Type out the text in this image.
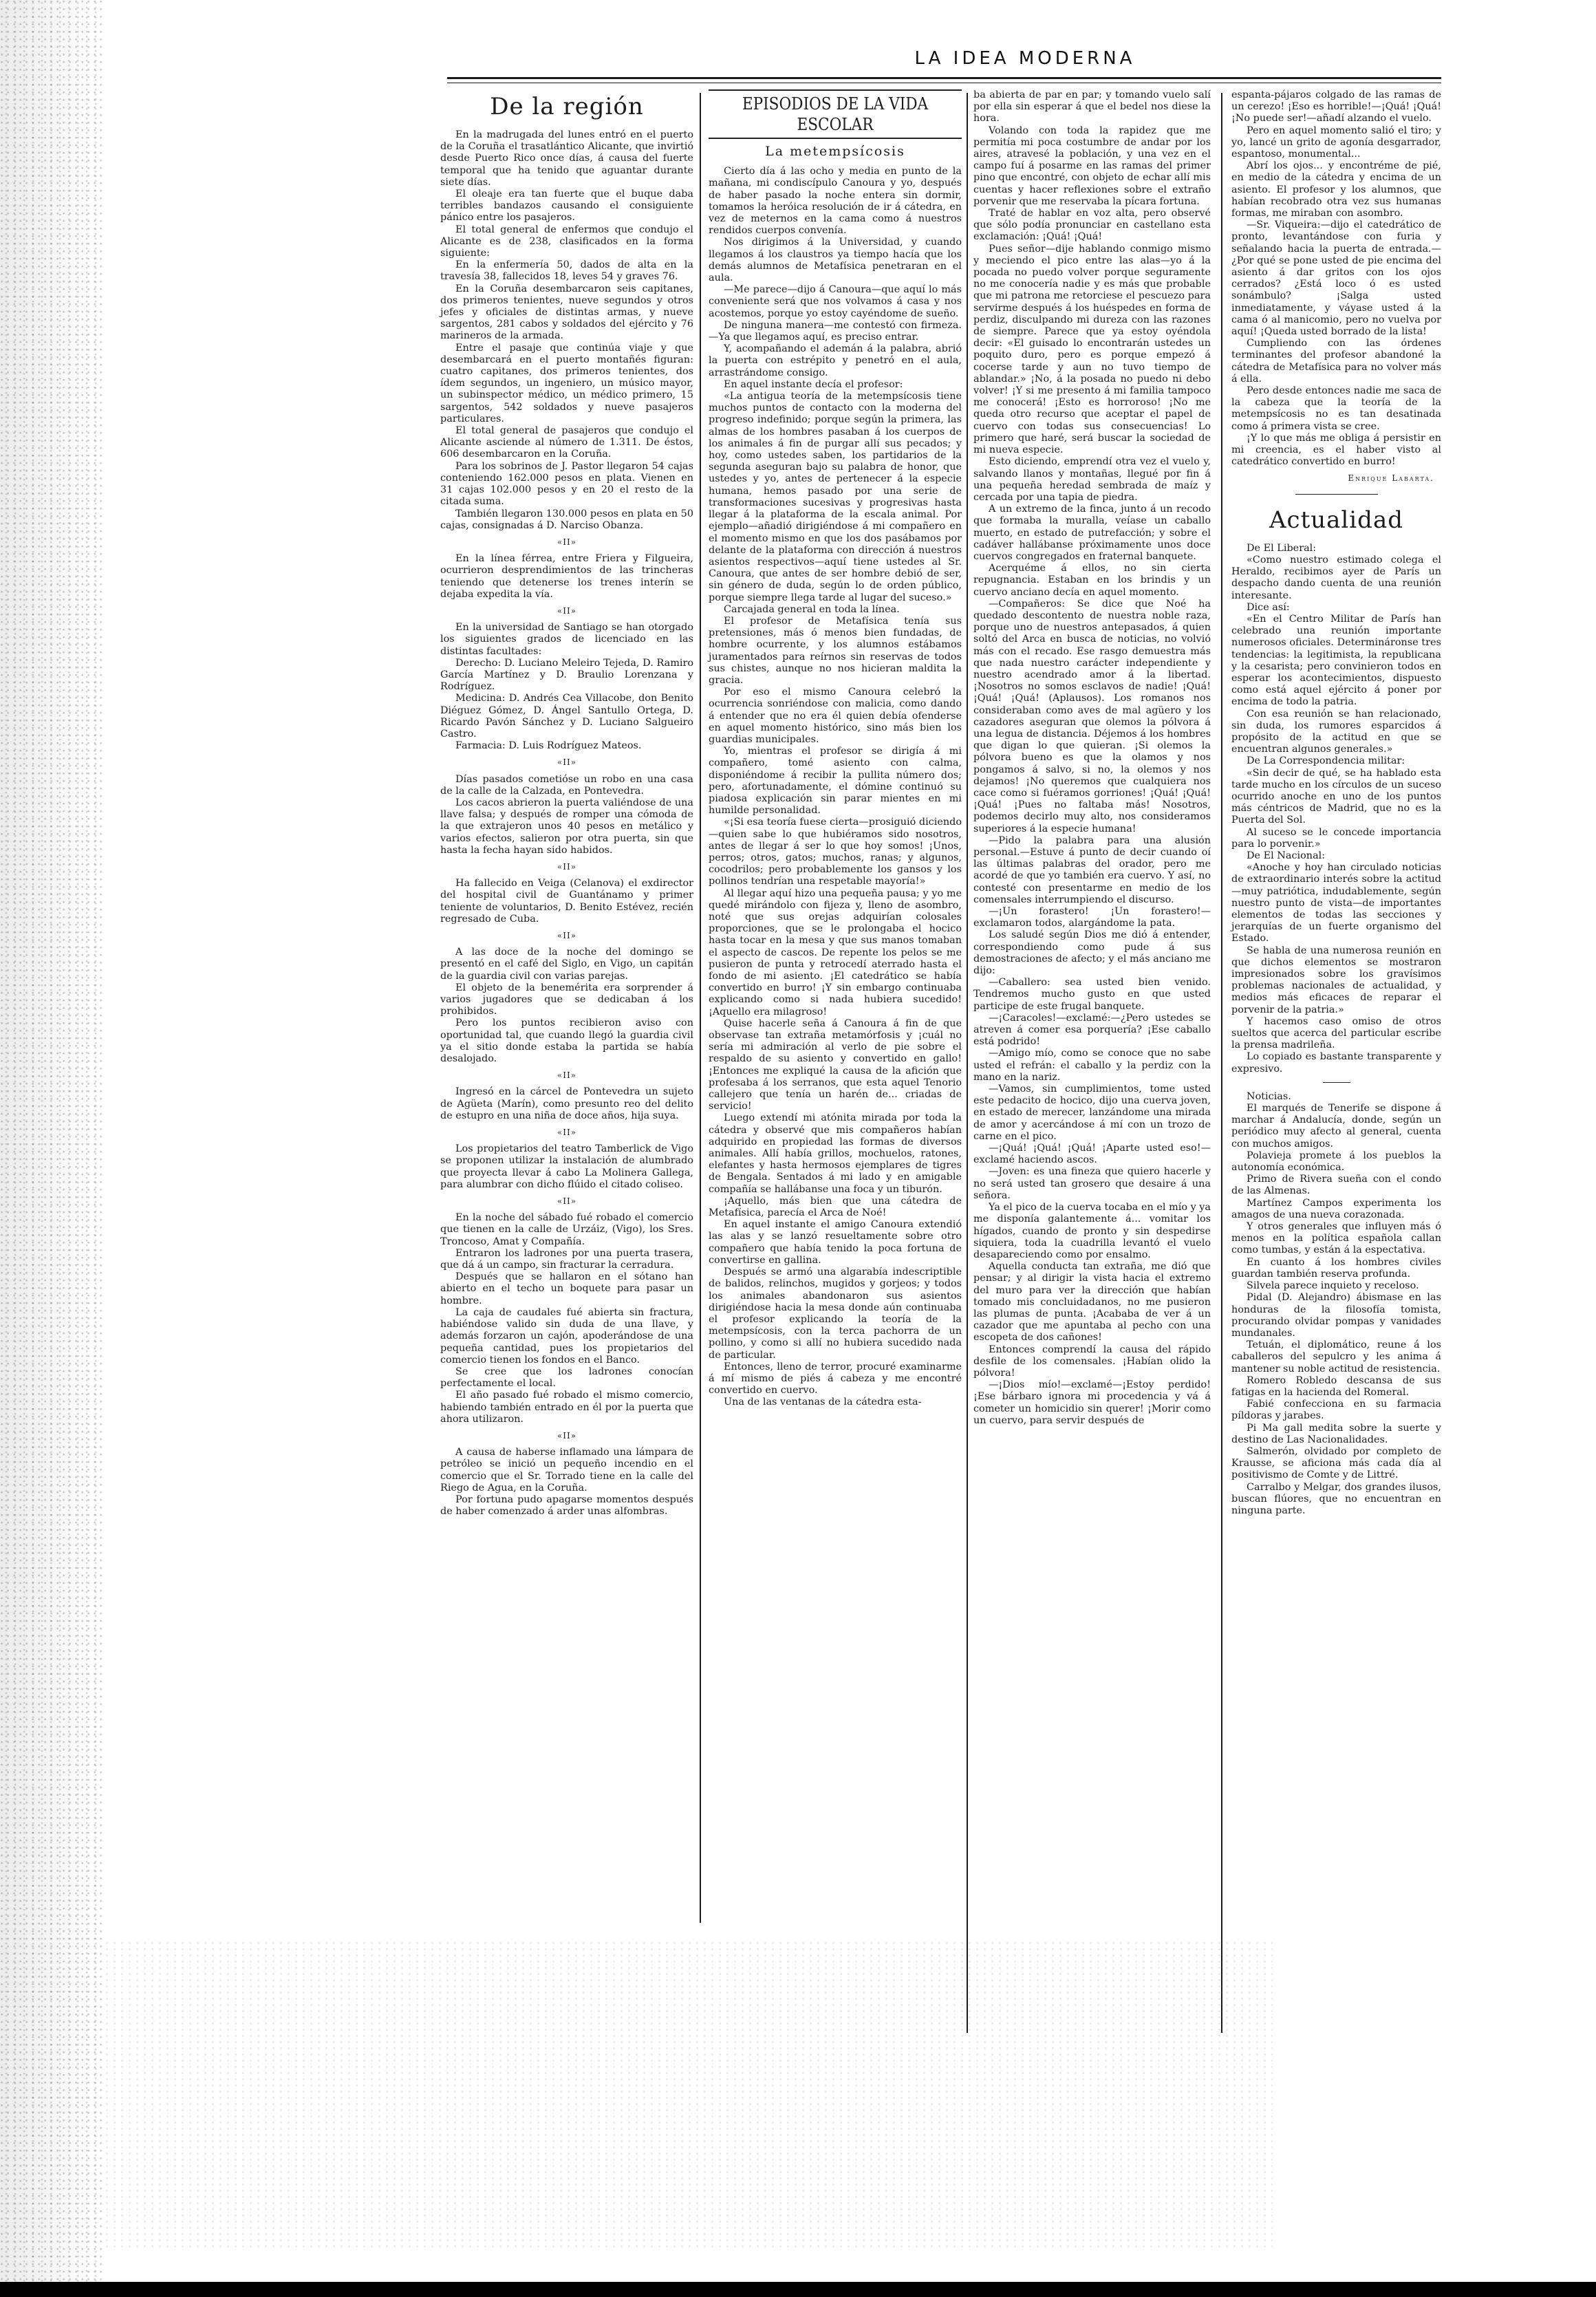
LA IDEA MODERNA
De la región

En la madrugada del lunes entró en el puerto de la Coruña el trasatlántico Alicante, que invirtió desde Puerto Rico once días, á causa del fuerte temporal que ha tenido que aguantar durante siete días.

El oleaje era tan fuerte que el buque daba terribles bandazos causando el consiguiente pánico entre los pasajeros.

El total general de enfermos que condujo el Alicante es de 238, clasificados en la forma siguiente:

En la enfermería 50, dados de alta en la travesía 38, fallecidos 18, leves 54 y graves 76.

En la Coruña desembarcaron seis capitanes, dos primeros tenientes, nueve segundos y otros jefes y oficiales de distintas armas, y nueve sargentos, 281 cabos y soldados del ejército y 76 marineros de la armada.

Entre el pasaje que continúa viaje y que desembarcará en el puerto montañés figuran: cuatro capitanes, dos primeros tenientes, dos ídem segundos, un ingeniero, un músico mayor, un subinspector médico, un médico primero, 15 sargentos, 542 soldados y nueve pasajeros particulares.

El total general de pasajeros que condujo el Alicante asciende al número de 1.311. De éstos, 606 desembarcaron en la Coruña.

Para los sobrinos de J. Pastor llegaron 54 cajas conteniendo 162.000 pesos en plata. Vienen en 31 cajas 102.000 pesos y en 20 el resto de la citada suma.

También llegaron 130.000 pesos en plata en 50 cajas, consignadas á D. Narciso Obanza.

«II»

En la línea férrea, entre Friera y Filgueira, ocurrieron desprendimientos de las trincheras teniendo que detenerse los trenes interín se dejaba expedita la vía.

«II»

En la universidad de Santiago se han otorgado los siguientes grados de licenciado en las distintas facultades:

Derecho: D. Luciano Meleiro Tejeda, D. Ramiro García Martínez y D. Braulio Lorenzana y Rodríguez.

Medicina: D. Andrés Cea Villacobe, don Benito Diéguez Gómez, D. Ángel Santullo Ortega, D. Ricardo Pavón Sánchez y D. Luciano Salgueiro Castro.

Farmacia: D. Luis Rodríguez Mateos.

«II»

Días pasados cometióse un robo en una casa de la calle de la Calzada, en Pontevedra.

Los cacos abrieron la puerta valiéndose de una llave falsa; y después de romper una cómoda de la que extrajeron unos 40 pesos en metálico y varios efectos, salieron por otra puerta, sin que hasta la fecha hayan sido habidos.

«II»

Ha fallecido en Veiga (Celanova) el exdirector del hospital civil de Guantánamo y primer teniente de voluntarios, D. Benito Estévez, recién regresado de Cuba.

«II»

A las doce de la noche del domingo se presentó en el café del Siglo, en Vigo, un capitán de la guardia civil con varias parejas.

El objeto de la benemérita era sorprender á varios jugadores que se dedicaban á los prohibidos.

Pero los puntos recibieron aviso con oportunidad tal, que cuando llegó la guardia civil ya el sitio donde estaba la partida se había desalojado.

«II»

Ingresó en la cárcel de Pontevedra un sujeto de Agüeta (Marín), como presunto reo del delito de estupro en una niña de doce años, hija suya.

«II»

Los propietarios del teatro Tamberlick de Vigo se proponen utilizar la instalación de alumbrado que proyecta llevar á cabo La Molinera Gallega, para alumbrar con dicho flúido el citado coliseo.

«II»

En la noche del sábado fué robado el comercio que tienen en la calle de Urzáiz, (Vigo), los Sres. Troncoso, Amat y Compañía.

Entraron los ladrones por una puerta trasera, que dá á un campo, sin fracturar la cerradura.

Después que se hallaron en el sótano han abierto en el techo un boquete para pasar un hombre.

La caja de caudales fué abierta sin fractura, habiéndose valido sin duda de una llave, y además forzaron un cajón, apoderándose de una pequeña cantidad, pues los propietarios del comercio tienen los fondos en el Banco.

Se cree que los ladrones conocían perfectamente el local.

El año pasado fué robado el mismo comercio, habiendo también entrado en él por la puerta que ahora utilizaron.

«II»

A causa de haberse inflamado una lámpara de petróleo se inició un pequeño incendio en el comercio que el Sr. Torrado tiene en la calle del Riego de Agua, en la Coruña.

Por fortuna pudo apagarse momentos después de haber comenzado á arder unas alfombras.

EPISODIOS DE LA VIDA ESCOLAR
La metempsícosis

Cierto día á las ocho y media en punto de la mañana, mi condiscípulo Canoura y yo, después de haber pasado la noche entera sin dormir, tomamos la heróica resolución de ir á cátedra, en vez de meternos en la cama como á nuestros rendidos cuerpos convenía.

Nos dirigimos á la Universidad, y cuando llegamos á los claustros ya tiempo hacía que los demás alumnos de Metafísica penetraran en el aula.

—Me parece—dijo á Canoura—que aquí lo más conveniente será que nos volvamos á casa y nos acostemos, porque yo estoy cayéndome de sueño.

De ninguna manera—me contestó con firmeza.—Ya que llegamos aquí, es preciso entrar.

Y, acompañando el ademán á la palabra, abrió la puerta con estrépito y penetró en el aula, arrastrándome consigo.

En aquel instante decía el profesor:

«La antigua teoría de la metempsícosis tiene muchos puntos de contacto con la moderna del progreso indefinido; porque según la primera, las almas de los hombres pasaban á los cuerpos de los animales á fin de purgar allí sus pecados; y hoy, como ustedes saben, los partidarios de la segunda aseguran bajo su palabra de honor, que ustedes y yo, antes de pertenecer á la especie humana, hemos pasado por una serie de transformaciones sucesivas y progresivas hasta llegar á la plataforma de la escala animal. Por ejemplo—añadió dirigiéndose á mi compañero en el momento mismo en que los dos pasábamos por delante de la plataforma con dirección á nuestros asientos respectivos—aquí tiene ustedes al Sr. Canoura, que antes de ser hombre debió de ser, sin género de duda, según lo de orden público, porque siempre llega tarde al lugar del suceso.»

Carcajada general en toda la línea.

El profesor de Metafísica tenía sus pretensiones, más ó menos bien fundadas, de hombre ocurrente, y los alumnos estábamos juramentados para reírnos sin reservas de todos sus chistes, aunque no nos hicieran maldita la gracia.

Por eso el mismo Canoura celebró la ocurrencia sonriéndose con malicia, como dando á entender que no era él quien debía ofenderse en aquel momento histórico, sino más bien los guardias municipales.

Yo, mientras el profesor se dirigía á mi compañero, tomé asiento con calma, disponiéndome á recibir la pullita número dos; pero, afortunadamente, el dómine continuó su piadosa explicación sin parar mientes en mi humilde personalidad.

«¡Si esa teoría fuese cierta—prosiguió diciendo—quien sabe lo que hubiéramos sido nosotros, antes de llegar á ser lo que hoy somos! ¡Unos, perros; otros, gatos; muchos, ranas; y algunos, cocodrilos; pero probablemente los gansos y los pollinos tendrían una respetable mayoría!»

Al llegar aquí hizo una pequeña pausa; y yo me quedé mirándolo con fijeza y, lleno de asombro, noté que sus orejas adquirían colosales proporciones, que se le prolongaba el hocico hasta tocar en la mesa y que sus manos tomaban el aspecto de cascos. De repente los pelos se me pusieron de punta y retrocedí aterrado hasta el fondo de mi asiento. ¡El catedrático se había convertido en burro! ¡Y sin embargo continuaba explicando como si nada hubiera sucedido! ¡Aquello era milagroso!

Quise hacerle seña á Canoura á fin de que observase tan extraña metamórfosis y ¡cuál no sería mi admiración al verlo de pie sobre el respaldo de su asiento y convertido en gallo! ¡Entonces me expliqué la causa de la afición que profesaba á los serranos, que esta aquel Tenorio callejero que tenía un harén de... criadas de servicio!

Luego extendí mi atónita mirada por toda la cátedra y observé que mis compañeros habían adquirido en propiedad las formas de diversos animales. Allí había grillos, mochuelos, ratones, elefantes y hasta hermosos ejemplares de tigres de Bengala. Sentados á mi lado y en amigable compañía se hallábanse una foca y un tiburón.

¡Aquello, más bien que una cátedra de Metafísica, parecía el Arca de Noé!

En aquel instante el amigo Canoura extendió las alas y se lanzó resueltamente sobre otro compañero que había tenido la poca fortuna de convertirse en gallina.

Después se armó una algarabía indescriptible de balidos, relinchos, mugidos y gorjeos; y todos los animales abandonaron sus asientos dirigiéndose hacia la mesa donde aún continuaba el profesor explicando la teoría de la metempsícosis, con la terca pachorra de un pollino, y como si allí no hubiera sucedido nada de particular.

Entonces, lleno de terror, procuré examinarme á mí mismo de piés á cabeza y me encontré convertido en cuervo.

Una de las ventanas de la cátedra esta-

ba abierta de par en par; y tomando vuelo salí por ella sin esperar á que el bedel nos diese la hora.

Volando con toda la rapidez que me permitía mi poca costumbre de andar por los aires, atravesé la población, y una vez en el campo fuí á posarme en las ramas del primer pino que encontré, con objeto de echar allí mis cuentas y hacer reflexiones sobre el extraño porvenir que me reservaba la pícara fortuna.

Traté de hablar en voz alta, pero observé que sólo podía pronunciar en castellano esta exclamación: ¡Quá! ¡Quá!

Pues señor—dije hablando conmigo mismo y meciendo el pico entre las alas—yo á la pocada no puedo volver porque seguramente no me conocería nadie y es más que probable que mi patrona me retorciese el pescuezo para servirme después á los huéspedes en forma de perdiz, disculpando mi dureza con las razones de siempre. Parece que ya estoy oyéndola decir: «El guisado lo encontrarán ustedes un poquito duro, pero es porque empezó á cocerse tarde y aun no tuvo tiempo de ablandar.» ¡No, á la posada no puedo ni debo volver! ¡Y si me presento á mi familia tampoco me conocerá! ¡Esto es horroroso! ¡No me queda otro recurso que aceptar el papel de cuervo con todas sus consecuencias! Lo primero que haré, será buscar la sociedad de mi nueva especie.

Esto diciendo, emprendí otra vez el vuelo y, salvando llanos y montañas, llegué por fin á una pequeña heredad sembrada de maíz y cercada por una tapia de piedra.

A un extremo de la finca, junto á un recodo que formaba la muralla, veíase un caballo muerto, en estado de putrefacción; y sobre el cadáver hallábanse próximamente unos doce cuervos congregados en fraternal banquete.

Acerquéme á ellos, no sin cierta repugnancia. Estaban en los brindis y un cuervo anciano decía en aquel momento.

—Compañeros: Se dice que Noé ha quedado descontento de nuestra noble raza, porque uno de nuestros antepasados, á quien soltó del Arca en busca de noticias, no volvió más con el recado. Ese rasgo demuestra más que nada nuestro carácter independiente y nuestro acendrado amor á la libertad. ¡Nosotros no somos esclavos de nadie! ¡Quá! ¡Quá! ¡Quá! (Aplausos). Los romanos nos consideraban como aves de mal agüero y los cazadores aseguran que olemos la pólvora á una legua de distancia. Déjemos á los hombres que digan lo que quieran. ¡Si olemos la pólvora bueno es que la olamos y nos pongamos á salvo, si no, la olemos y nos dejamos! ¡No queremos que cualquiera nos cace como si fuéramos gorriones! ¡Quá! ¡Quá! ¡Quá! ¡Pues no faltaba más! Nosotros, podemos decirlo muy alto, nos consideramos superiores á la especie humana!

—Pido la palabra para una alusión personal.—Estuve á punto de decir cuando oí las últimas palabras del orador, pero me acordé de que yo también era cuervo. Y así, no contesté con presentarme en medio de los comensales interrumpiendo el discurso.

—¡Un forastero! ¡Un forastero!—exclamaron todos, alargándome la pata.

Los saludé según Dios me dió á entender, correspondiendo como pude á sus demostraciones de afecto; y el más anciano me dijo:

—Caballero: sea usted bien venido. Tendremos mucho gusto en que usted participe de este frugal banquete.

—¡Caracoles!—exclamé:—¿Pero ustedes se atreven á comer esa porquería? ¡Ese caballo está podrido!

—Amigo mío, como se conoce que no sabe usted el refrán: el caballo y la perdiz con la mano en la nariz.

—Vamos, sin cumplimientos, tome usted este pedacito de hocico, dijo una cuerva joven, en estado de merecer, lanzándome una mirada de amor y acercándose á mí con un trozo de carne en el pico.

—¡Quá! ¡Quá! ¡Quá! ¡Aparte usted eso!—exclamé haciendo ascos.

—Joven: es una fineza que quiero hacerle y no será usted tan grosero que desaire á una señora.

Ya el pico de la cuerva tocaba en el mío y ya me disponía galantemente á... vomitar los hígados, cuando de pronto y sin despedirse siquiera, toda la cuadrilla levantó el vuelo desapareciendo como por ensalmo.

Aquella conducta tan extraña, me dió que pensar; y al dirigir la vista hacia el extremo del muro para ver la dirección que habían tomado mis concluidadanos, no me pusieron las plumas de punta. ¡Acababa de ver á un cazador que me apuntaba al pecho con una escopeta de dos cañones!

Entonces comprendí la causa del rápido desfile de los comensales. ¡Habían olido la pólvora!

—¡Dios mío!—exclamé—¡Estoy perdido! ¡Ese bárbaro ignora mi procedencia y vá á cometer un homicidio sin querer! ¡Morir como un cuervo, para servir después de

espanta-pájaros colgado de las ramas de un cerezo! ¡Eso es horrible!—¡Quá! ¡Quá! ¡No puede ser!—añadí alzando el vuelo.

Pero en aquel momento salió el tiro; y yo, lancé un grito de agonía desgarrador, espantoso, monumental...

Abrí los ojos... y encontréme de pié, en medio de la cátedra y encima de un asiento. El profesor y los alumnos, que habían recobrado otra vez sus humanas formas, me miraban con asombro.

—Sr. Viqueira:—dijo el catedrático de pronto, levantándose con furia y señalando hacia la puerta de entrada.—¿Por qué se pone usted de pie encima del asiento á dar gritos con los ojos cerrados? ¿Está loco ó es usted sonámbulo? ¡Salga usted inmediatamente, y váyase usted á la cama ó al manicomio, pero no vuelva por aquí! ¡Queda usted borrado de la lista!

Cumpliendo con las órdenes terminantes del profesor abandoné la cátedra de Metafísica para no volver más á ella.

Pero desde entonces nadie me saca de la cabeza que la teoría de la metempsícosis no es tan desatinada como á primera vista se cree.

¡Y lo que más me obliga á persistir en mi creencia, es el haber visto al catedrático convertido en burro!

Enrique Labarta.
Actualidad

De El Liberal:

«Como nuestro estimado colega el Heraldo, recibimos ayer de París un despacho dando cuenta de una reunión interesante.

Dice así:

«En el Centro Militar de París han celebrado una reunión importante numerosos oficiales. Determináronse tres tendencias: la legitimista, la republicana y la cesarista; pero convinieron todos en esperar los acontecimientos, dispuesto como está aquel ejército á poner por encima de todo la patria.

Con esa reunión se han relacionado, sin duda, los rumores esparcidos á propósito de la actitud en que se encuentran algunos generales.»

De La Correspondencia militar:

«Sin decir de qué, se ha hablado esta tarde mucho en los círculos de un suceso ocurrido anoche en uno de los puntos más céntricos de Madrid, que no es la Puerta del Sol.

Al suceso se le concede importancia para lo porvenir.»

De El Nacional:

«Anoche y hoy han circulado noticias de extraordinario interés sobre la actitud —muy patriótica, indudablemente, según nuestro punto de vista—de importantes elementos de todas las secciones y jerarquías de un fuerte organismo del Estado.

Se habla de una numerosa reunión en que dichos elementos se mostraron impresionados sobre los gravísimos problemas nacionales de actualidad, y medios más eficaces de reparar el porvenir de la patria.»

Y hacemos caso omiso de otros sueltos que acerca del particular escribe la prensa madrileña.

Lo copiado es bastante transparente y expresivo.

Noticias.

El marqués de Tenerife se dispone á marchar á Andalucía, donde, según un periódico muy afecto al general, cuenta con muchos amigos.

Polavieja promete á los pueblos la autonomía económica.

Primo de Rivera sueña con el condo de las Almenas.

Martínez Campos experimenta los amagos de una nueva corazonada.

Y otros generales que influyen más ó menos en la política española callan como tumbas, y están á la espectativa.

En cuanto á los hombres civiles guardan también reserva profunda.

Silvela parece inquieto y receloso.

Pidal (D. Alejandro) ábismase en las honduras de la filosofía tomista, procurando olvidar pompas y vanidades mundanales.

Tetuán, el diplomático, reune á los caballeros del sepulcro y les anima á mantener su noble actitud de resistencia.

Romero Robledo descansa de sus fatigas en la hacienda del Romeral.

Fabié confecciona en su farmacia píldoras y jarabes.

Pi Ma gall medita sobre la suerte y destino de Las Nacionalidades.

Salmerón, olvidado por completo de Krausse, se aficiona más cada día al positivismo de Comte y de Littré.

Carralbo y Melgar, dos grandes ilusos, buscan flúores, que no encuentran en ninguna parte.
